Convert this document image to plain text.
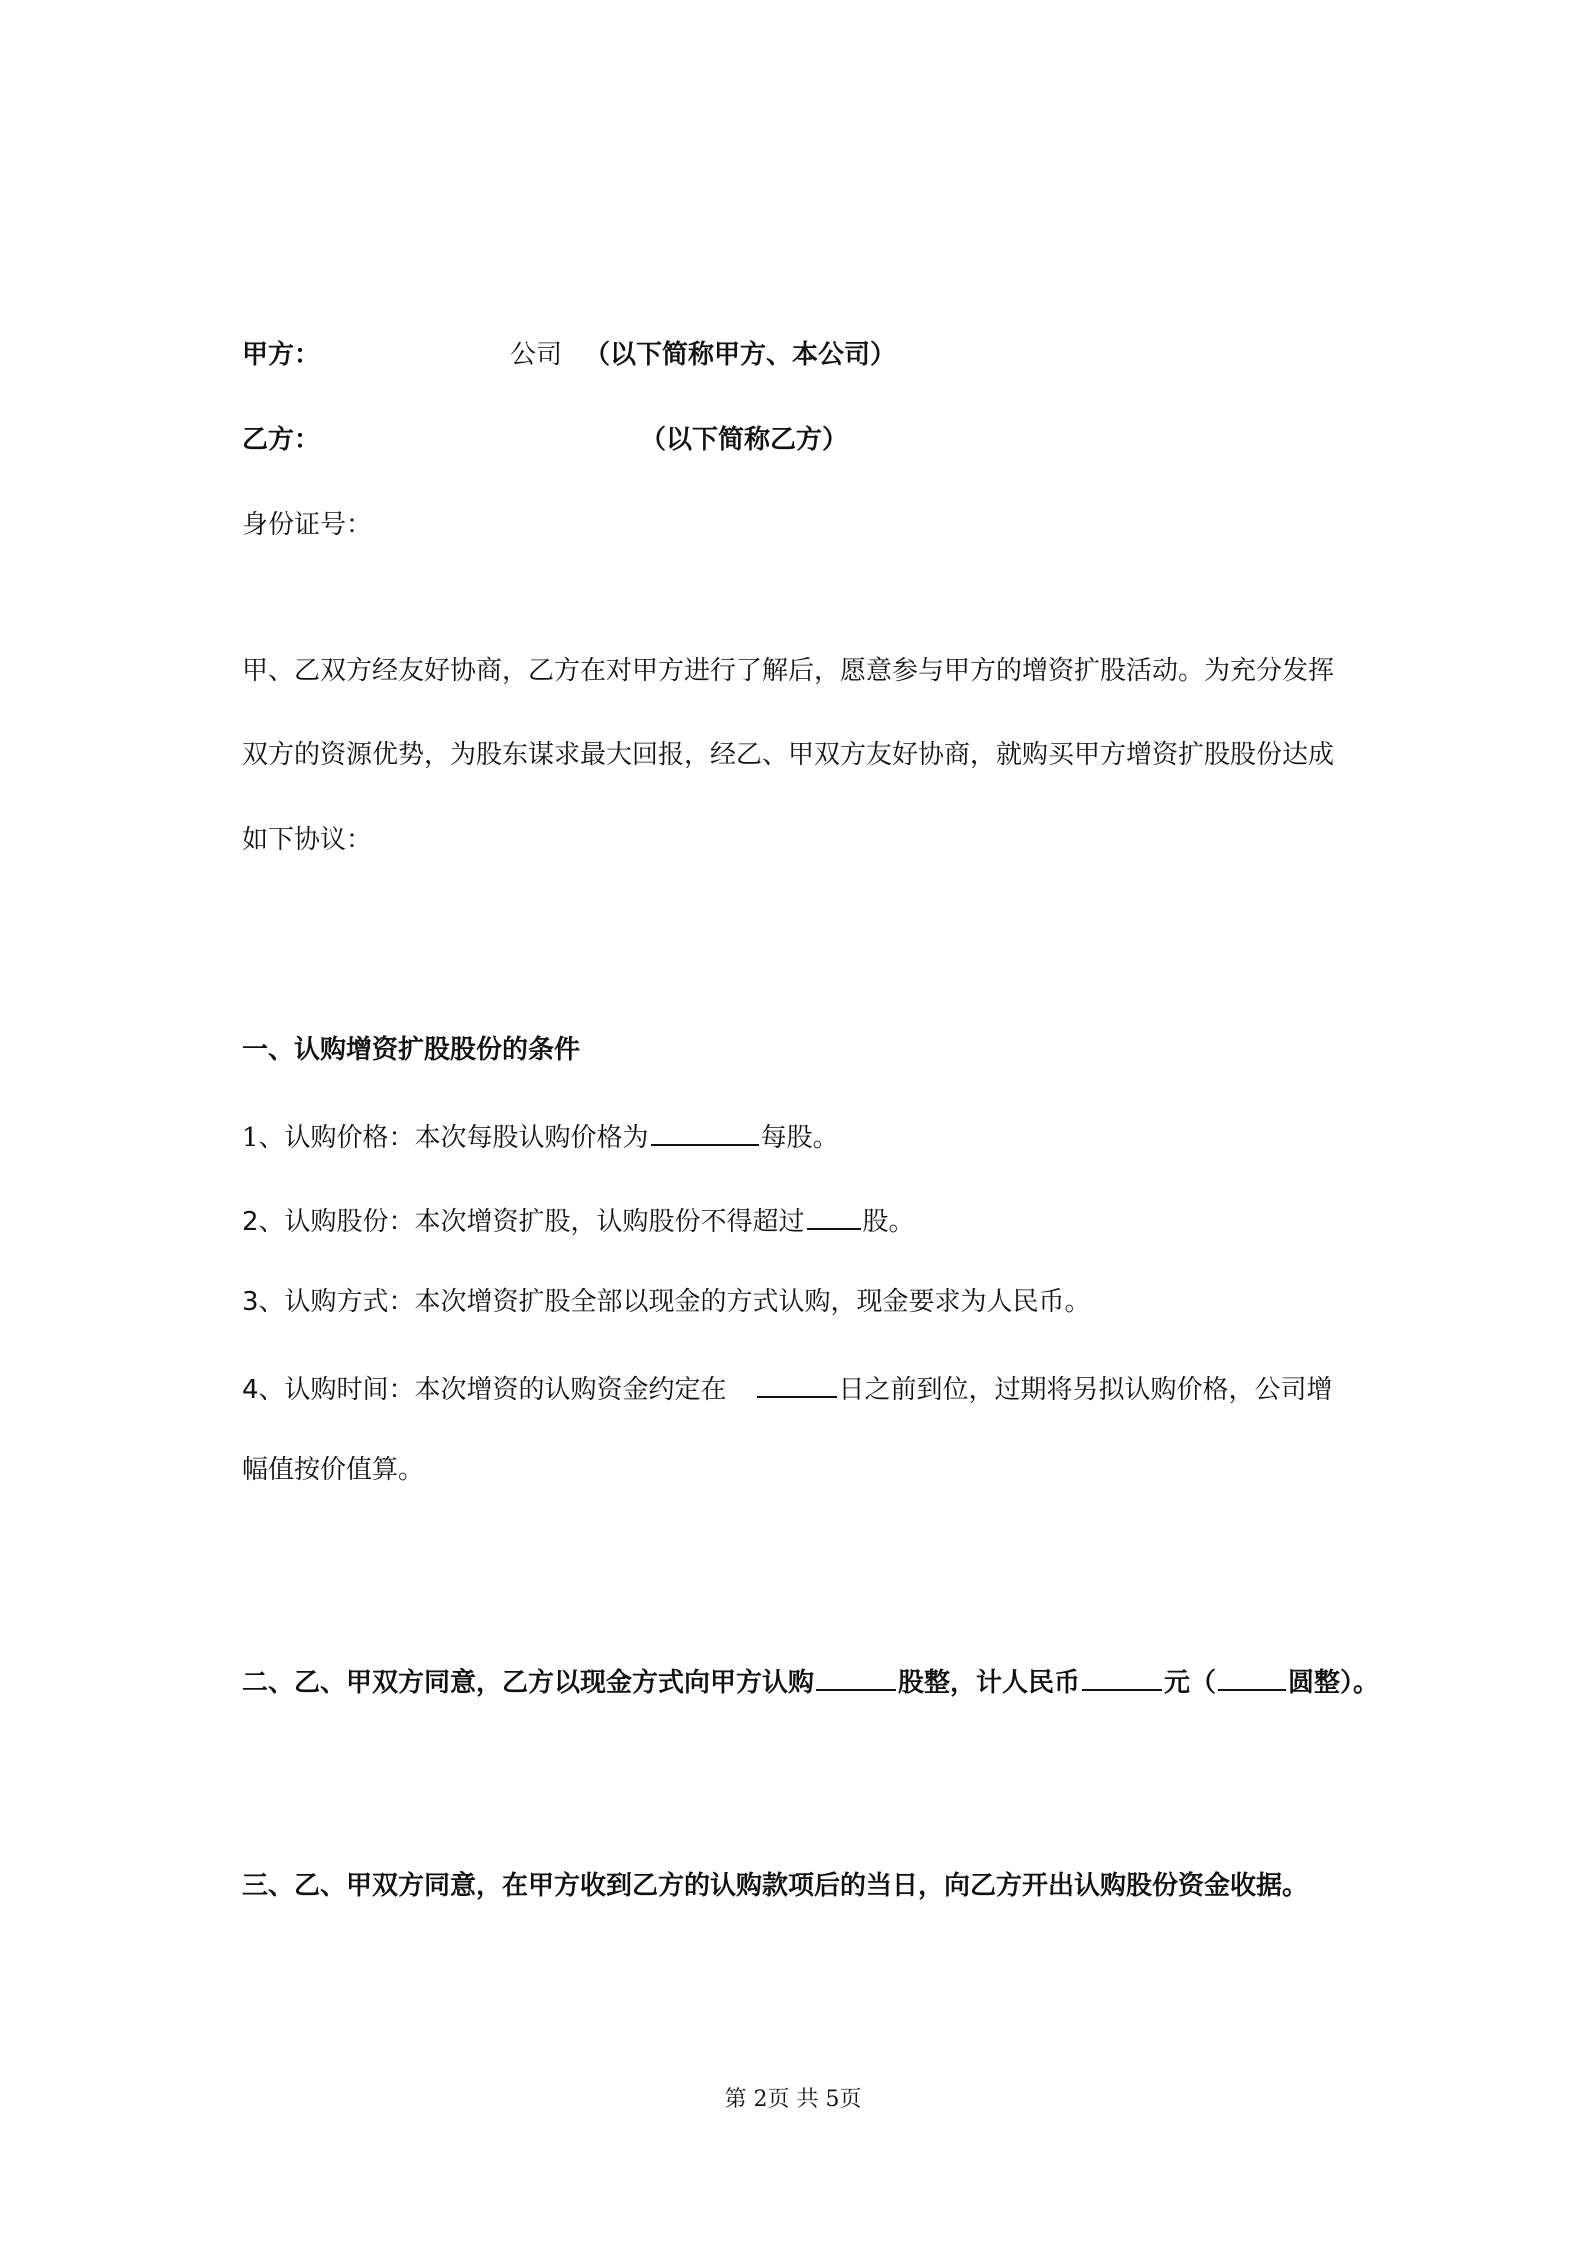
甲方：	公司 （以下简称甲方、本公司）
乙方：	（以下简称乙方）
身份证号：
甲、乙双方经友好协商，乙方在对甲方进行了解后，愿意参与甲方的增资扩股活动。为充分发挥
双方的资源优势，为股东谋求最大回报，经乙、甲双方友好协商，就购买甲方增资扩股股份达成
如下协议：
一、认购增资扩股股份的条件
1、认购价格：本次每股认购价格为	每股。
2、认购股份：本次增资扩股，认购股份不得超过 股。
3、认购方式：本次增资扩股全部以现金的方式认购，现金要求为人民币。
4、认购时间：本次增资的认购资金约定在	日之前到位，过期将另拟认购价格，公司增
幅值按价值算。
二、乙、甲双方同意，乙方以现金方式向甲方认购	股整，计人民币	元（	圆整）。
三、乙、甲双方同意，在甲方收到乙方的认购款项后的当日，向乙方开出认购股份资金收据。
第 2页 共 5页
